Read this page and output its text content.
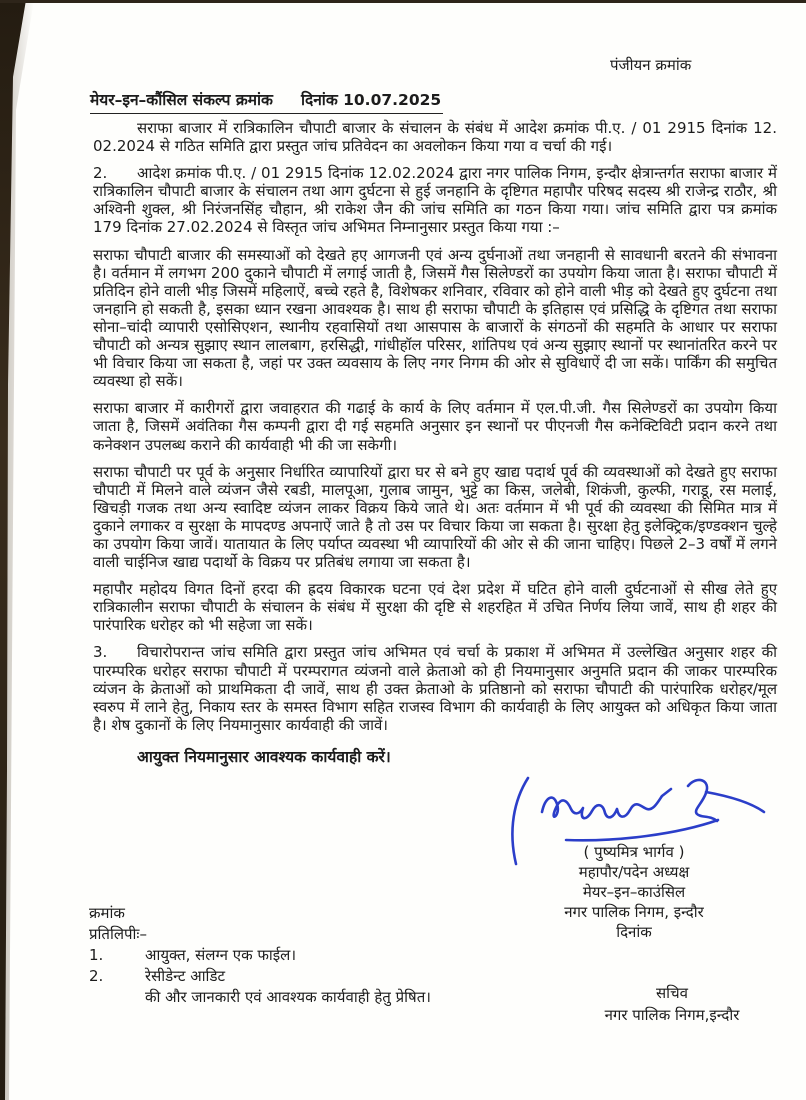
पंजीयन क्रमांक
मेयर–इन–कौंसिल संकल्प क्रमांक दिनांक 10.07.2025

सराफा बाजार में रात्रिकालिन चौपाटी बाजार के संचालन के संबंध में आदेश क्रमांक पी.ए. / 01 2915 दिनांक 12. 02.2024 से गठित समिति द्वारा प्रस्तुत जांच प्रतिवेदन का अवलोकन किया गया व चर्चा की गई।

2. आदेश क्रमांक पी.ए. / 01 2915 दिनांक 12.02.2024 द्वारा नगर पालिक निगम, इन्दौर क्षेत्रान्तर्गत सराफा बाजार में रात्रिकालिन चौपाटी बाजार के संचालन तथा आग दुर्घटना से हुई जनहानि के दृष्टिगत महापौर परिषद सदस्य श्री राजेन्द्र राठौर, श्री अश्विनी शुक्ल, श्री निरंजनसिंह चौहान, श्री राकेश जैन की जांच समिति का गठन किया गया। जांच समिति द्वारा पत्र क्रमांक 179 दिनांक 27.02.2024 से विस्तृत जांच अभिमत निम्नानुसार प्रस्तुत किया गया :–

सराफा चौपाटी बाजार की समस्याओं को देखते हए आगजनी एवं अन्य दुर्घनाओं तथा जनहानी से सावधानी बरतने की संभावना है। वर्तमान में लगभग 200 दुकाने चौपाटी में लगाई जाती है, जिसमें गैस सिलेण्डरों का उपयोग किया जाता है। सराफा चौपाटी में प्रतिदिन होने वाली भीड़ जिसमें महिलाऐं, बच्चे रहते है, विशेषकर शनिवार, रविवार को होने वाली भीड़ को देखते हुए दुर्घटना तथा जनहानि हो सकती है, इसका ध्यान रखना आवश्यक है। साथ ही सराफा चौपाटी के इतिहास एवं प्रसिद्धि के दृष्टिगत तथा सराफा सोना–चांदी व्यापारी एसोसिएशन, स्थानीय रहवासियों तथा आसपास के बाजारों के संगठनों की सहमति के आधार पर सराफा चौपाटी को अन्यत्र सुझाए स्थान लालबाग, हरसिद्धी, गांधीहॉल परिसर, शांतिपथ एवं अन्य सुझाए स्थानों पर स्थानांतरित करने पर भी विचार किया जा सकता है, जहां पर उक्त व्यवसाय के लिए नगर निगम की ओर से सुविधाऐं दी जा सकें। पार्किंग की समुचित व्यवस्था हो सकें।

सराफा बाजार में कारीगरों द्वारा जवाहरात की गढाई के कार्य के लिए वर्तमान में एल.पी.जी. गैस सिलेण्डरों का उपयोग किया जाता है, जिसमें अवंतिका गैस कम्पनी द्वारा दी गई सहमति अनुसार इन स्थानों पर पीएनजी गैस कनेक्टिविटी प्रदान करने तथा कनेक्शन उपलब्ध कराने की कार्यवाही भी की जा सकेगी।

सराफा चौपाटी पर पूर्व के अनुसार निर्धारित व्यापारियों द्वारा घर से बने हुए खाद्य पदार्थ पूर्व की व्यवस्थाओं को देखते हुए सराफा चौपाटी में मिलने वाले व्यंजन जैसे रबडी, मालपूआ, गुलाब जामुन, भुट्टे का किस, जलेबी, शिकंजी, कुल्फी, गराडू, रस मलाई, खिचड़ी गजक तथा अन्य स्वादिष्ट व्यंजन लाकर विक्रय किये जाते थे। अतः वर्तमान में भी पूर्व की व्यवस्था की सिमित मात्र में दुकाने लगाकर व सुरक्षा के मापदण्ड अपनाऐं जाते है तो उस पर विचार किया जा सकता है। सुरक्षा हेतु इलेक्ट्रिक/इण्डक्शन चुल्हे का उपयोग किया जावें। यातायात के लिए पर्याप्त व्यवस्था भी व्यापारियों की ओर से की जाना चाहिए। पिछले 2–3 वर्षों में लगने वाली चाईनिज खाद्य पदार्थो के विक्रय पर प्रतिबंध लगाया जा सकता है।

महापौर महोदय विगत दिनों हरदा की ह्रदय विकारक घटना एवं देश प्रदेश में घटित होने वाली दुर्घटनाओं से सीख लेते हुए रात्रिकालीन सराफा चौपाटी के संचालन के संबंध में सुरक्षा की दृष्टि से शहरहित में उचित निर्णय लिया जावें, साथ ही शहर की पारंपारिक धरोहर को भी सहेजा जा सकें।

3. विचारोपरान्त जांच समिति द्वारा प्रस्तुत जांच अभिमत एवं चर्चा के प्रकाश में अभिमत में उल्लेखित अनुसार शहर की पारम्परिक धरोहर सराफा चौपाटी में परम्परागत व्यंजनो वाले क्रेताओ को ही नियमानुसार अनुमति प्रदान की जाकर पारम्परिक व्यंजन के क्रेताओं को प्राथमिकता दी जावें, साथ ही उक्त क्रेताओ के प्रतिष्ठानो को सराफा चौपाटी की पारंपारिक धरोहर/मूल स्वरुप में लाने हेतु, निकाय स्तर के समस्त विभाग सहित राजस्व विभाग की कार्यवाही के लिए आयुक्त को अधिकृत किया जाता है। शेष दुकानों के लिए नियमानुसार कार्यवाही की जावें।

आयुक्त नियमानुसार आवश्यक कार्यवाही करें।

( पुष्यमित्र भार्गव )
महापौर/पदेन अध्यक्ष
मेयर–इन–काउंसिल
नगर पालिक निगम, इन्दौर
दिनांक
क्रमांक
प्रतिलिपीः–
1.	आयुक्त, संलग्न एक फाईल।
2.	रेसीडेन्ट आडिट
की और जानकारी एवं आवश्यक कार्यवाही हेतु प्रेषित।	सचिव
नगर पालिक निगम,इन्दौर
